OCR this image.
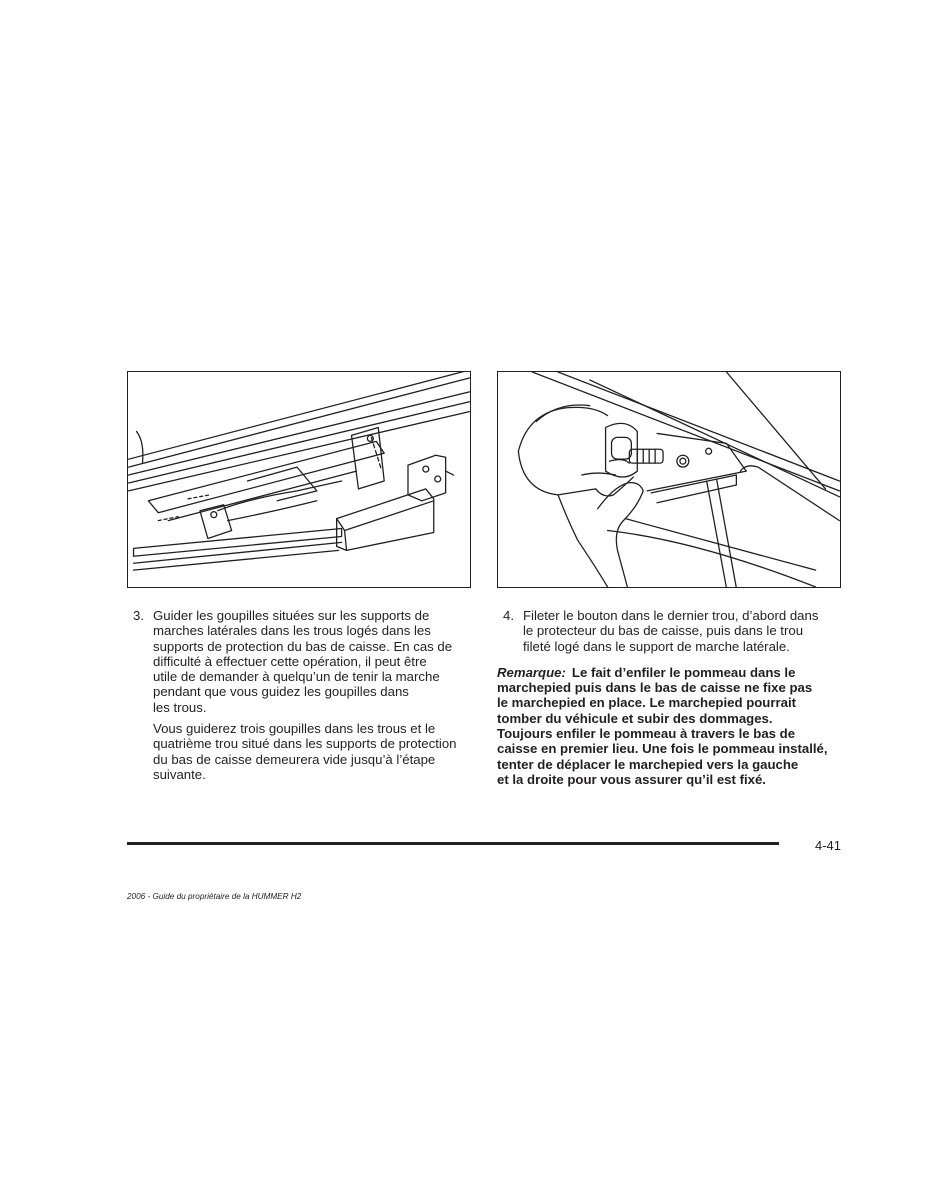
3. Guider les goupilles situées sur les supports de
marches latérales dans les trous logés dans les
supports de protection du bas de caisse. En cas de
difficulté à effectuer cette opération, il peut être
utile de demander à quelqu’un de tenir la marche
pendant que vous guidez les goupilles dans
les trous.
Vous guiderez trois goupilles dans les trous et le
quatrième trou situé dans les supports de protection
du bas de caisse demeurera vide jusqu’à l’étape
suivante.
4. Fileter le bouton dans le dernier trou, d’abord dans
le protecteur du bas de caisse, puis dans le trou
fileté logé dans le support de marche latérale.
Remarque: Le fait d’enfiler le pommeau dans le
marchepied puis dans le bas de caisse ne fixe pas
le marchepied en place. Le marchepied pourrait
tomber du véhicule et subir des dommages.
Toujours enfiler le pommeau à travers le bas de
caisse en premier lieu. Une fois le pommeau installé,
tenter de déplacer le marchepied vers la gauche
et la droite pour vous assurer qu’il est fixé.
4-41
2006 - Guide du propriétaire de la HUMMER H2
